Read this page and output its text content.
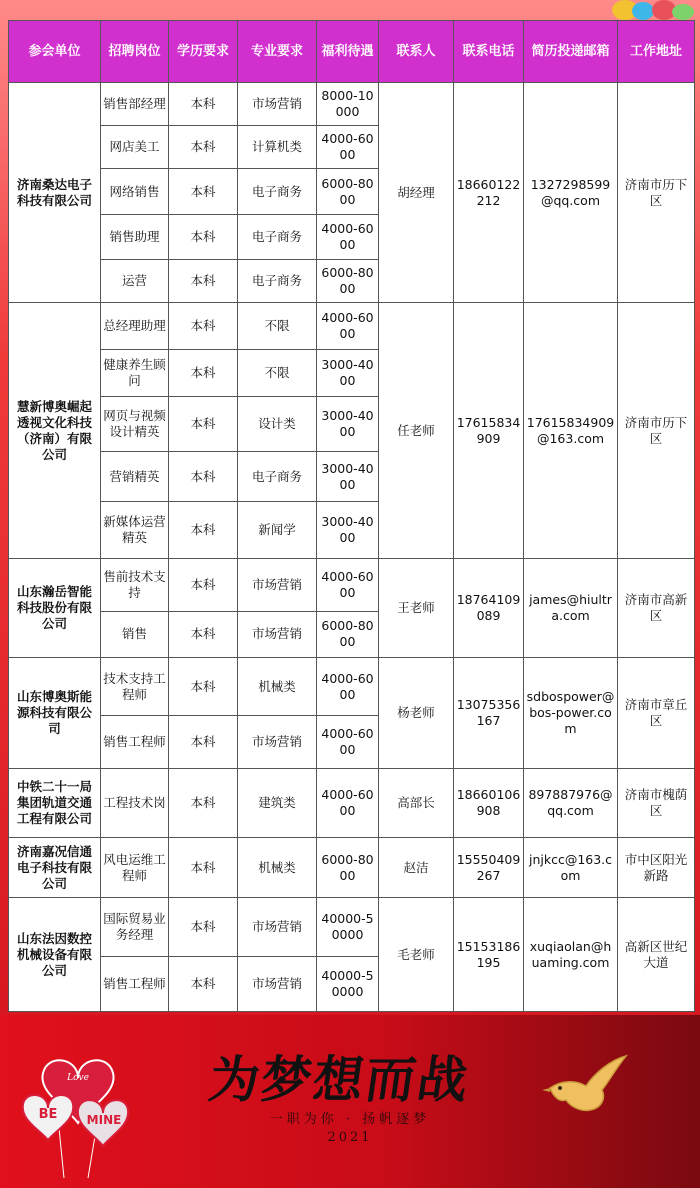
参会单位	招聘岗位	学历要求	专业要求	福利待遇	联系人	联系电话	简历投递邮箱	工作地址
济南桑达电子科技有限公司	销售部经理	本科	市场营销	8000-10000	胡经理	18660122212	1327298599@qq.com	济南市历下区
	网店美工	本科	计算机类	4000-6000				
	网络销售	本科	电子商务	6000-8000				
	销售助理	本科	电子商务	4000-6000				
	运营	本科	电子商务	6000-8000				
慧新博奥崛起透视文化科技（济南）有限公司	总经理助理	本科	不限	4000-6000	任老师	17615834909	17615834909@163.com	济南市历下区
	健康养生顾问	本科	不限	3000-4000				
	网页与视频设计精英	本科	设计类	3000-4000				
	营销精英	本科	电子商务	3000-4000				
	新媒体运营精英	本科	新闻学	3000-4000				
山东瀚岳智能科技股份有限公司	售前技术支持	本科	市场营销	4000-6000	王老师	18764109089	james@hiultra.com	济南市高新区
	销售	本科	市场营销	6000-8000				
山东博奥斯能源科技有限公司	技术支持工程师	本科	机械类	4000-6000	杨老师	13075356167	sdbospower@bos-power.com	济南市章丘区
	销售工程师	本科	市场营销	4000-6000				
中铁二十一局集团轨道交通工程有限公司	工程技术岗	本科	建筑类	4000-6000	高部长	18660106908	897887976@qq.com	济南市槐荫区
济南嘉况信通电子科技有限公司	风电运维工程师	本科	机械类	6000-8000	赵洁	15550409267	jnjkcc@163.com	市中区阳光新路
山东法因数控机械设备有限公司	国际贸易业务经理	本科	市场营销	40000-50000	毛老师	15153186195	xuqiaolan@huaming.com	高新区世纪大道
	销售工程师	本科	市场营销	40000-50000				
Love
BE MINE
为梦想而战
一职为你 · 扬帆逐梦
2021
